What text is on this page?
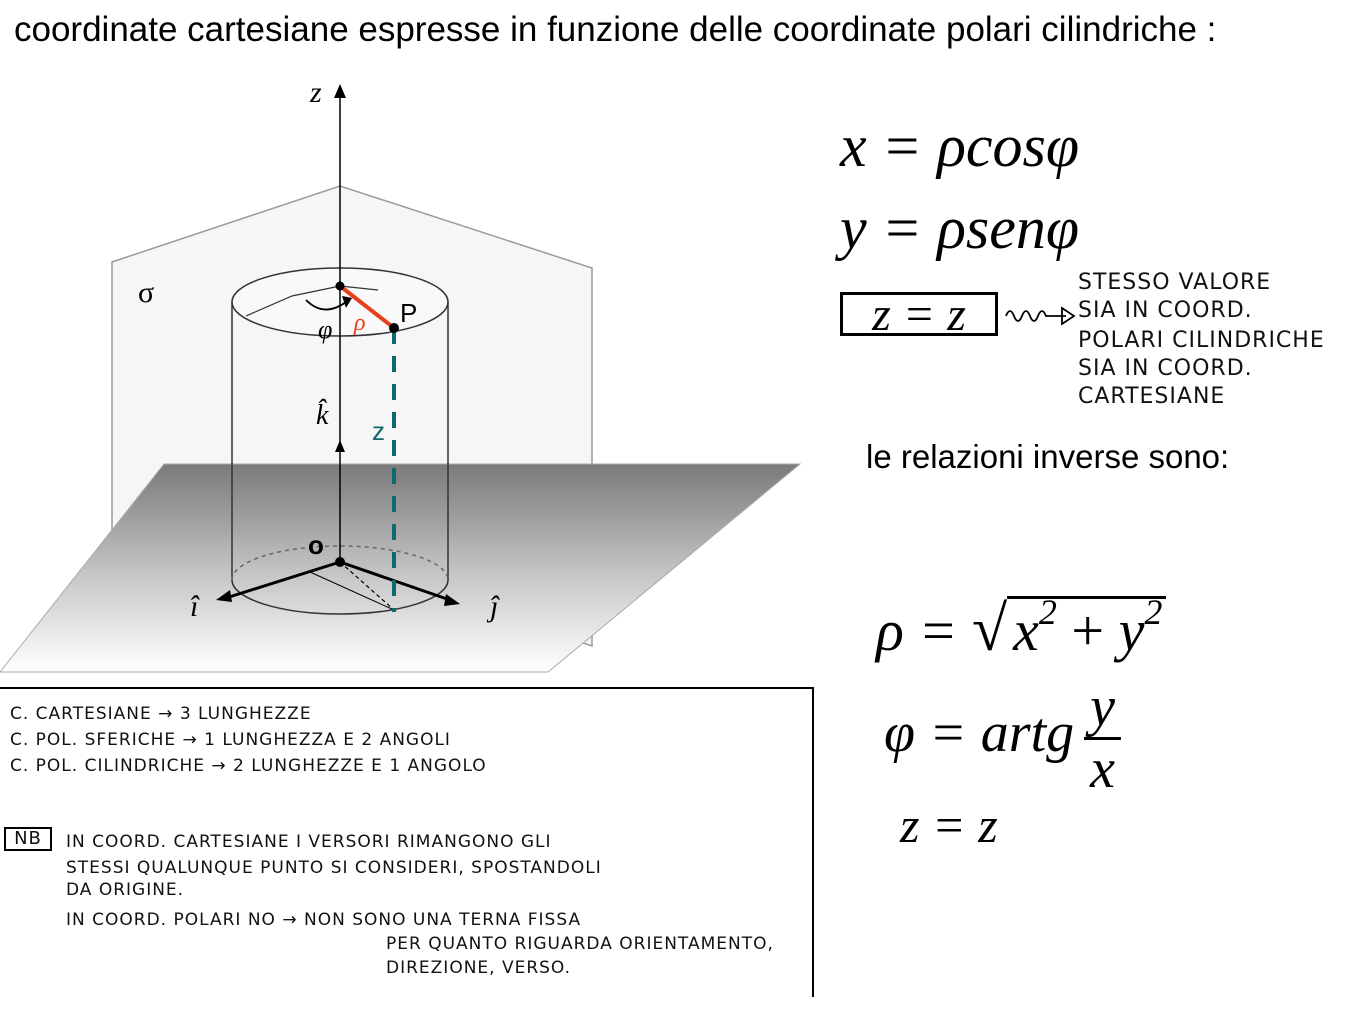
coordinate cartesiane espresse in funzione delle coordinate polari cilindriche :
z
σ
φ ρ P
z
k̂
o
î	ĵ
x = ρcosφ
y = ρsenφ
z = z
STESSO VALORE
SIA IN COORD.
POLARI CILINDRICHE
SIA IN COORD.
CARTESIANE
le relazioni inverse sono:
ρ = √ $x^2 + y^2$
φ = artg $\frac{y}{x}$
z = z
C. CARTESIANE → 3 LUNGHEZZE
C. POL. SFERICHE → 1 LUNGHEZZA E 2 ANGOLI
C. POL. CILINDRICHE → 2 LUNGHEZZE E 1 ANGOLO
NB	IN COORD. CARTESIANE I VERSORI RIMANGONO GLI
STESSI QUALUNQUE PUNTO SI CONSIDERI, SPOSTANDOLI
DA ORIGINE.
IN COORD. POLARI NO → NON SONO UNA TERNA FISSA
PER QUANTO RIGUARDA ORIENTAMENTO,
DIREZIONE, VERSO.
